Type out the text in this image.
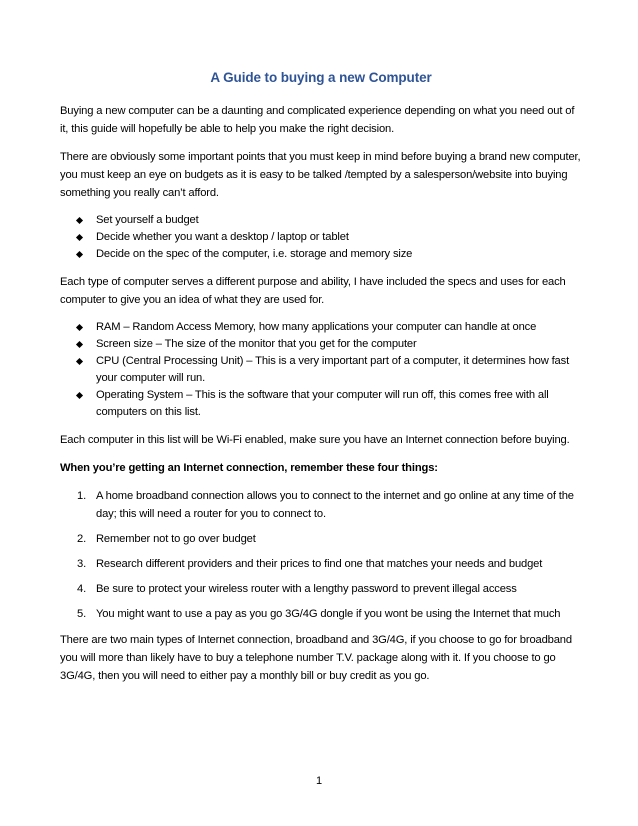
A Guide to buying a new Computer

Buying a new computer can be a daunting and complicated experience depending on what you need out of it, this guide will hopefully be able to help you make the right decision.

There are obviously some important points that you must keep in mind before buying a brand new computer, you must keep an eye on budgets as it is easy to be talked /tempted by a salesperson/website into buying something you really can’t afford.

Set yourself a budget
Decide whether you want a desktop / laptop or tablet
Decide on the spec of the computer, i.e. storage and memory size

Each type of computer serves a different purpose and ability, I have included the specs and uses for each computer to give you an idea of what they are used for.

RAM – Random Access Memory, how many applications your computer can handle at once
Screen size – The size of the monitor that you get for the computer
CPU (Central Processing Unit) – This is a very important part of a computer, it determines how fast your computer will run.
Operating System – This is the software that your computer will run off, this comes free with all computers on this list.

Each computer in this list will be Wi-Fi enabled, make sure you have an Internet connection before buying.

When you’re getting an Internet connection, remember these four things:

1. A home broadband connection allows you to connect to the internet and go online at any time of the day; this will need a router for you to connect to.
2. Remember not to go over budget
3. Research different providers and their prices to find one that matches your needs and budget
4. Be sure to protect your wireless router with a lengthy password to prevent illegal access
5. You might want to use a pay as you go 3G/4G dongle if you wont be using the Internet that much

There are two main types of Internet connection, broadband and 3G/4G, if you choose to go for broadband you will more than likely have to buy a telephone number T.V. package along with it. If you choose to go 3G/4G, then you will need to either pay a monthly bill or buy credit as you go.

1
